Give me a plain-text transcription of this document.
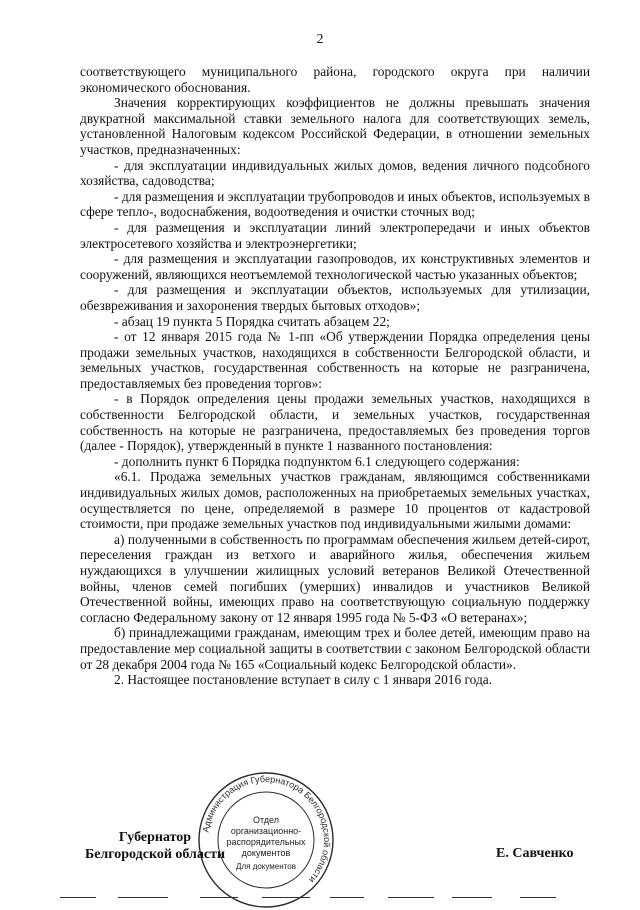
2

соответствующего муниципального района, городского округа при наличии экономического обоснования.

Значения корректирующих коэффициентов не должны превышать значения двукратной максимальной ставки земельного налога для соответствующих земель, установленной Налоговым кодексом Российской Федерации, в отношении земельных участков, предназначенных:

- для эксплуатации индивидуальных жилых домов, ведения личного подсобного хозяйства, садоводства;

- для размещения и эксплуатации трубопроводов и иных объектов, используемых в сфере тепло-, водоснабжения, водоотведения и очистки сточных вод;

- для размещения и эксплуатации линий электропередачи и иных объектов электросетевого хозяйства и электроэнергетики;

- для размещения и эксплуатации газопроводов, их конструктивных элементов и сооружений, являющихся неотъемлемой технологической частью указанных объектов;

- для размещения и эксплуатации объектов, используемых для утилизации, обезвреживания и захоронения твердых бытовых отходов»;

- абзац 19 пункта 5 Порядка считать абзацем 22;

- от 12 января 2015 года № 1-пп «Об утверждении Порядка определения цены продажи земельных участков, находящихся в собственности Белгородской области, и земельных участков, государственная собственность на которые не разграничена, предоставляемых без проведения торгов»:

- в Порядок определения цены продажи земельных участков, находящихся в собственности Белгородской области, и земельных участков, государственная собственность на которые не разграничена, предоставляемых без проведения торгов (далее - Порядок), утвержденный в пункте 1 названного постановления:

- дополнить пункт 6 Порядка подпунктом 6.1 следующего содержания:

«6.1. Продажа земельных участков гражданам, являющимся собственниками индивидуальных жилых домов, расположенных на приобретаемых земельных участках, осуществляется по цене, определяемой в размере 10 процентов от кадастровой стоимости, при продаже земельных участков под индивидуальными жилыми домами:

а) полученными в собственность по программам обеспечения жильем детей-сирот, переселения граждан из ветхого и аварийного жилья, обеспечения жильем нуждающихся в улучшении жилищных условий ветеранов Великой Отечественной войны, членов семей погибших (умерших) инвалидов и участников Великой Отечественной войны, имеющих право на соответствующую социальную поддержку согласно Федеральному закону от 12 января 1995 года № 5-ФЗ «О ветеранах»;

б) принадлежащими гражданам, имеющим трех и более детей, имеющим право на предоставление мер социальной защиты в соответствии с законом Белгородской области от 28 декабря 2004 года № 165 «Социальный кодекс Белгородской области».

2. Настоящее постановление вступает в силу с 1 января 2016 года.

Администрация Губернатора Белгородской области
Отдел
организационно-
распорядительных
документов
Для документов
Губернатор
Белгородской области	Е. Савченко
